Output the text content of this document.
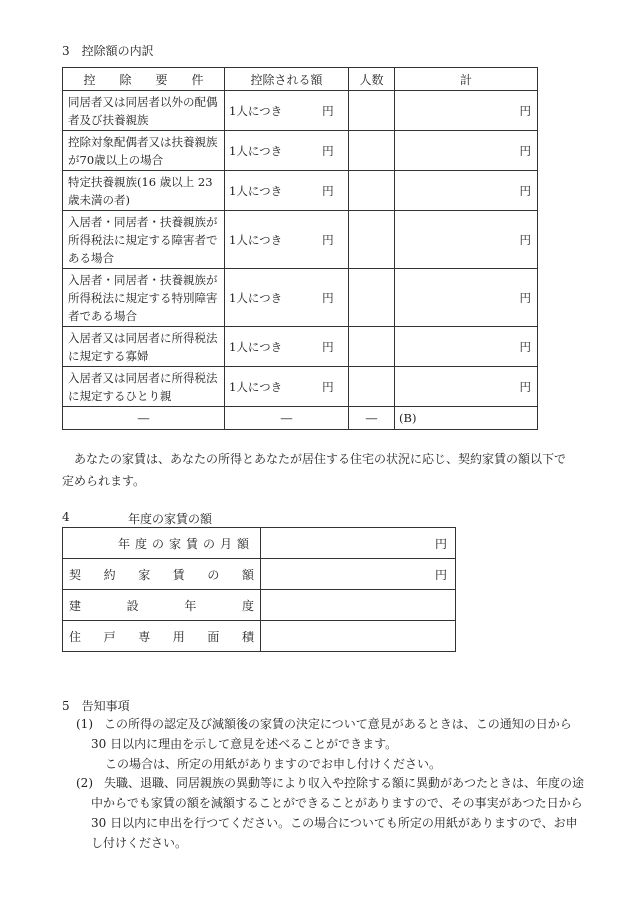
3　控除額の内訳
控　　除　　要　　件	控除される額	人数	計
同居者又は同居者以外の配偶者及び扶養親族	1人につき 円		円
控除対象配偶者又は扶養親族が70歳以上の場合	1人につき 円		円
特定扶養親族(16 歳以上 23 歳未満の者)	1人につき 円		円
入居者・同居者・扶養親族が所得税法に規定する障害者である場合	1人につき 円		円
入居者・同居者・扶養親族が所得税法に規定する特別障害者である場合	1人につき 円		円
入居者又は同居者に所得税法に規定する寡婦	1人につき 円		円
入居者又は同居者に所得税法に規定するひとり親	1人につき 円		円
―	―	―	(B)
あなたの家賃は、あなたの所得とあなたが居住する住宅の状況に応じ、契約家賃の額以下で定められます。
4	年度の家賃の額
年度の家賃の月額	円
契約家賃の額	円
建設年度	
住戸専用面積	
5　告知事項
(1) この所得の認定及び減額後の家賃の決定について意見があるときは、この通知の日から
30 日以内に理由を示して意見を述べることができます。
この場合は、所定の用紙がありますのでお申し付けください。
(2) 失職、退職、同居親族の異動等により収入や控除する額に異動があつたときは、年度の途
中からでも家賃の額を減額することができることがありますので、その事実があつた日から
30 日以内に申出を行つてください。この場合についても所定の用紙がありますので、お申
し付けください。
